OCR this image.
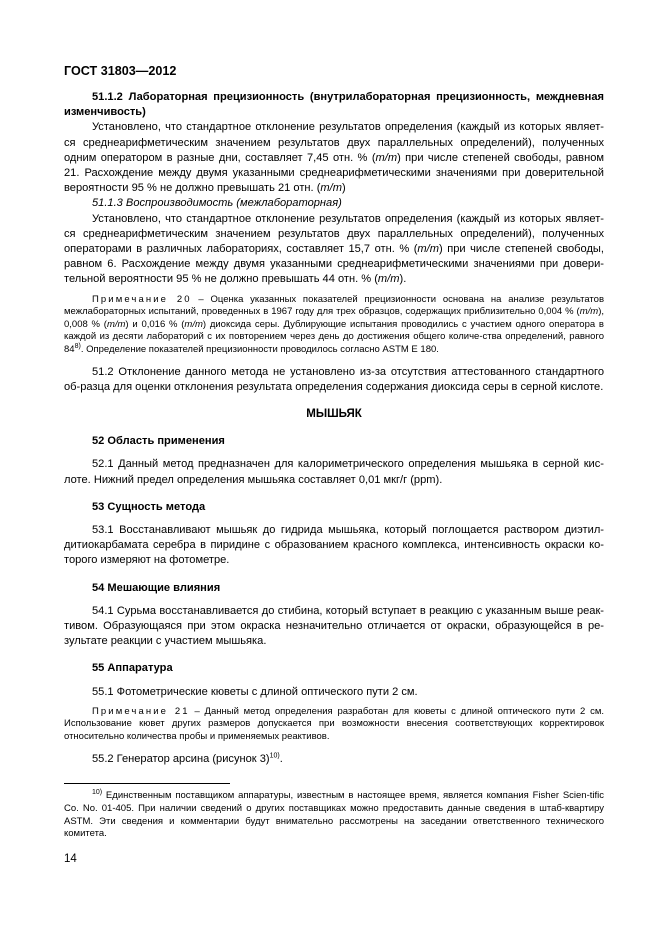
ГОСТ 31803—2012

51.1.2 Лабораторная прецизионность (внутрилабораторная прецизионность, междневная изменчивость)

Установлено, что стандартное отклонение результатов определения (каждый из которых являет-ся среднеарифметическим значением результатов двух параллельных определений), полученных одним оператором в разные дни, составляет 7,45 отн. % (m/m) при числе степеней свободы, равном 21. Расхождение между двумя указанными среднеарифметическими значениями при доверительной вероятности 95 % не должно превышать 21 отн. (m/m)

51.1.3 Воспроизводимость (межлабораторная)

Установлено, что стандартное отклонение результатов определения (каждый из которых являет-ся среднеарифметическим значением результатов двух параллельных определений), полученных операторами в различных лабораториях, составляет 15,7 отн. % (m/m) при числе степеней свободы, равном 6. Расхождение между двумя указанными среднеарифметическими значениями при довери-тельной вероятности 95 % не должно превышать 44 отн. % (m/m).

Примечание 20 – Оценка указанных показателей прецизионности основана на анализе результатов межлабораторных испытаний, проведенных в 1967 году для трех образцов, содержащих приблизительно 0,004 % (m/m), 0,008 % (m/m) и 0,016 % (m/m) диоксида серы. Дублирующие испытания проводились с участием одного оператора в каждой из десяти лабораторий с их повторением через день до достижения общего количе-ства определений, равного 84$^{8)}$. Определение показателей прецизионности проводилось согласно ASTM E 180.

51.2 Отклонение данного метода не установлено из-за отсутствия аттестованного стандартного об-разца для оценки отклонения результата определения содержания диоксида серы в серной кислоте.

МЫШЬЯК

52 Область применения

52.1 Данный метод предназначен для калориметрического определения мышьяка в серной кис-лоте. Нижний предел определения мышьяка составляет 0,01 мкг/г (ppm).

53 Сущность метода

53.1 Восстанавливают мышьяк до гидрида мышьяка, который поглощается раствором диэтил-дитиокарбамата серебра в пиридине с образованием красного комплекса, интенсивность окраски ко-торого измеряют на фотометре.

54 Мешающие влияния

54.1 Сурьма восстанавливается до стибина, который вступает в реакцию с указанным выше реак-тивом. Образующаяся при этом окраска незначительно отличается от окраски, образующейся в ре-зультате реакции с участием мышьяка.

55 Аппаратура

55.1 Фотометрические кюветы с длиной оптического пути 2 см.

Примечание 21 – Данный метод определения разработан для кюветы с длиной оптического пути 2 см. Использование кювет других размеров допускается при возможности внесения соответствующих корректировок относительно количества пробы и применяемых реактивов.

55.2 Генератор арсина (рисунок 3)$^{10)}$.

$^{10)}$ Единственным поставщиком аппаратуры, известным в настоящее время, является компания Fisher Scien-tific Co. No. 01-405. При наличии сведений о других поставщиках можно предоставить данные сведения в штаб-квартиру ASTM. Эти сведения и комментарии будут внимательно рассмотрены на заседании ответственного технического комитета.

14
